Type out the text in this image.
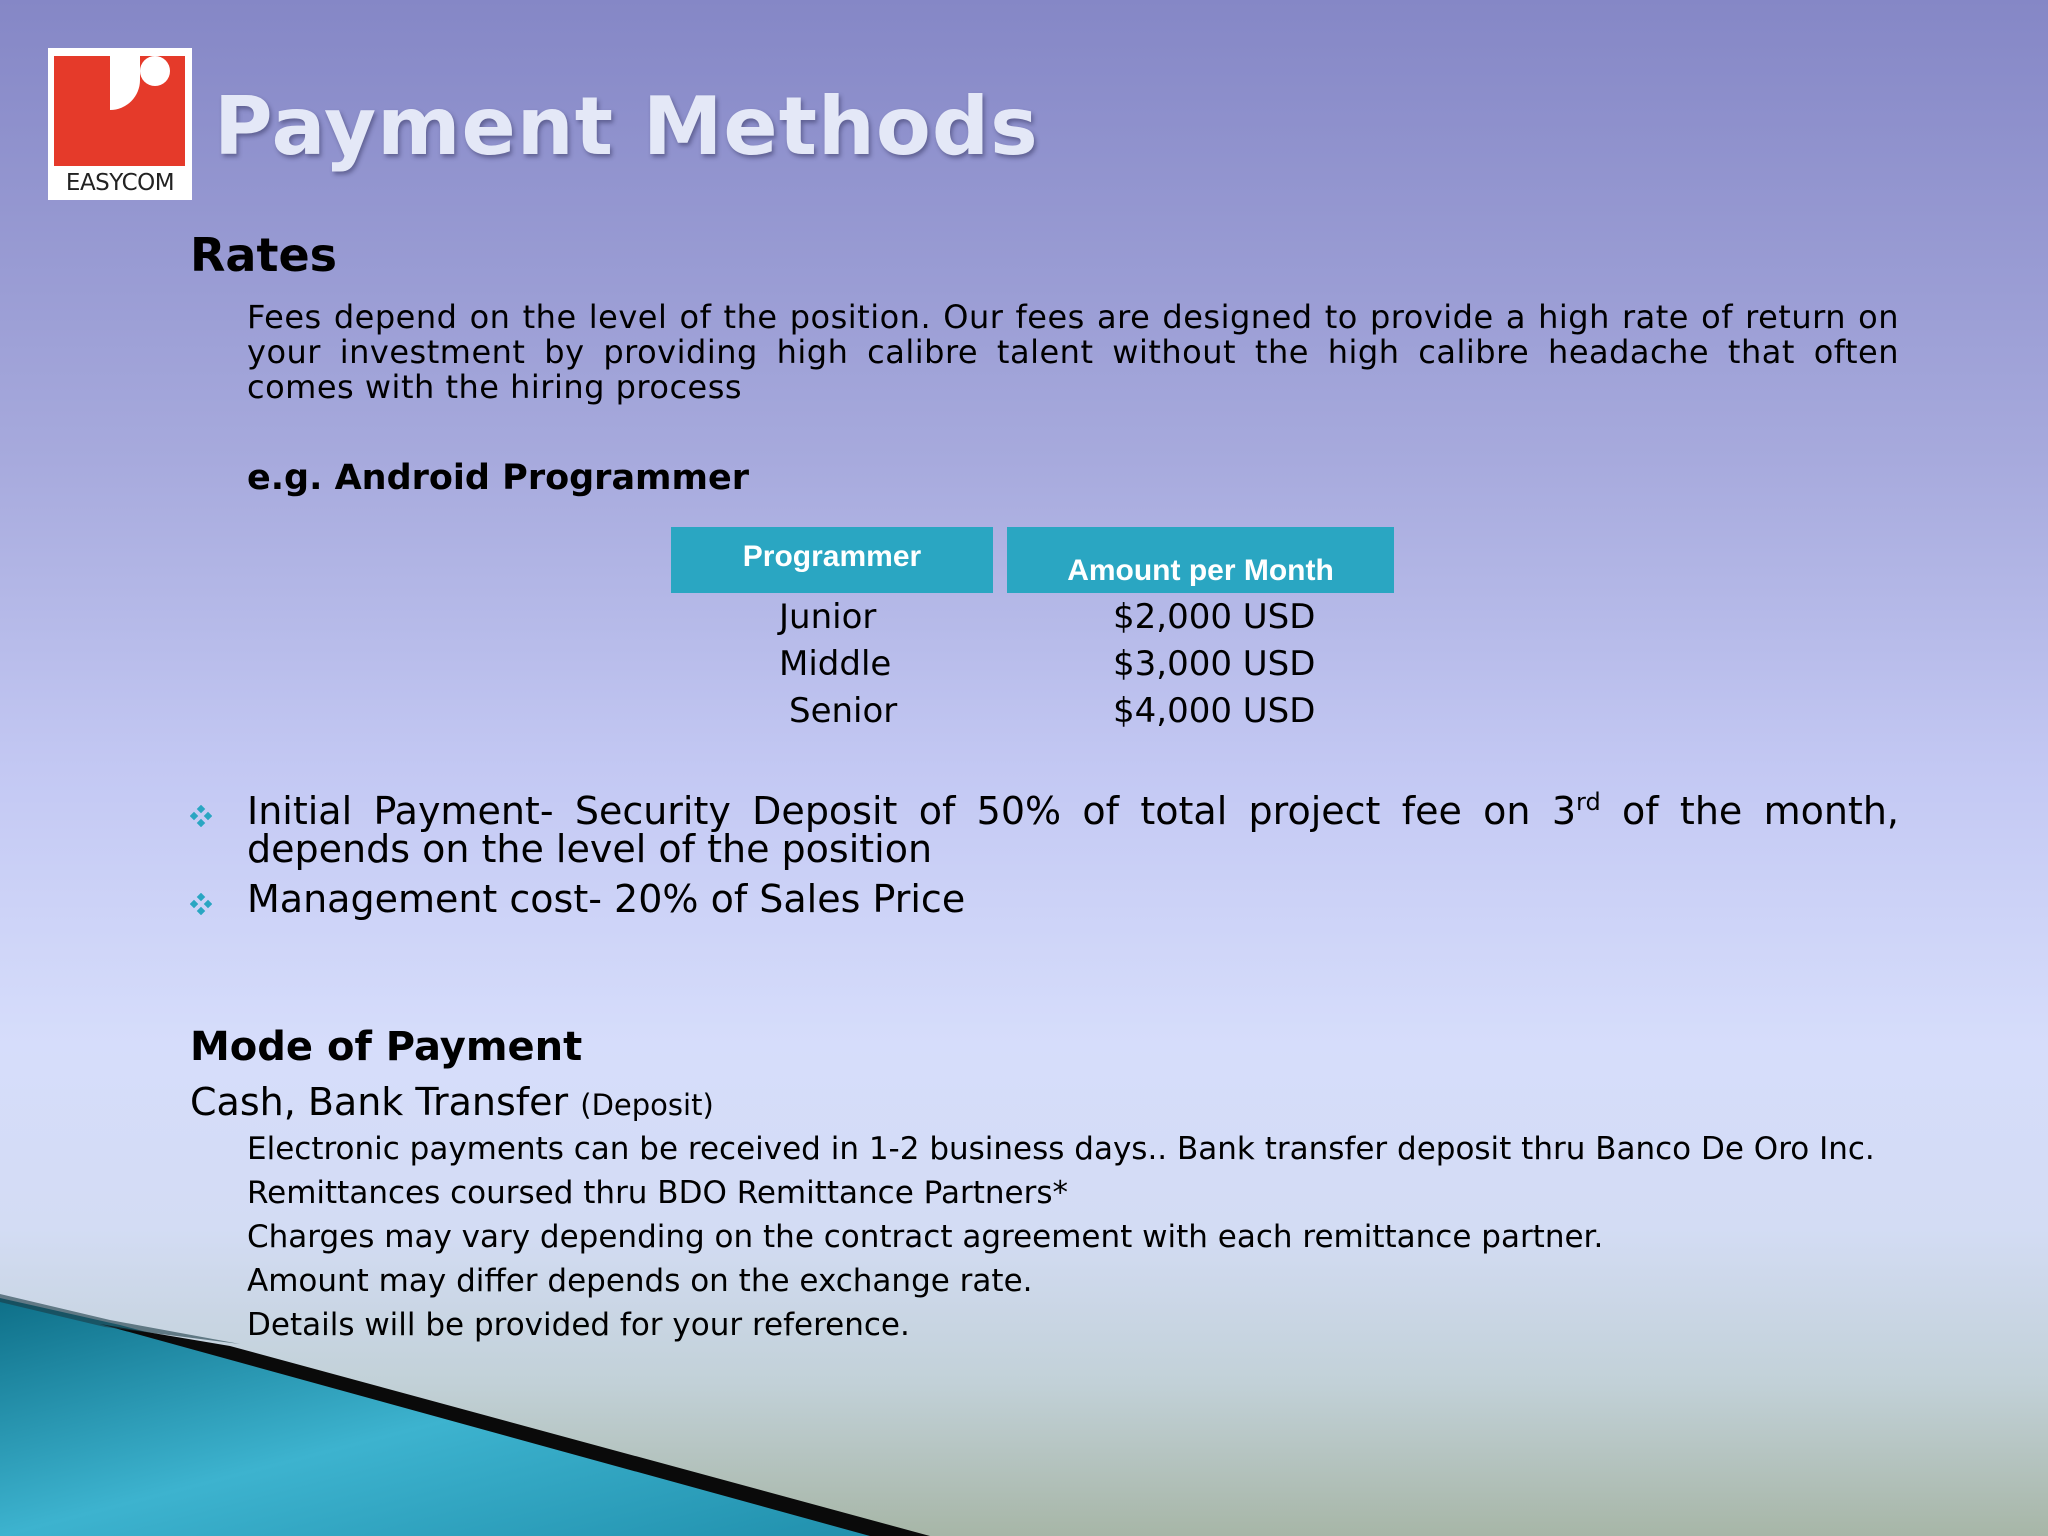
EASYCOM
Payment Methods
Rates

Fees depend on the level of the position. Our fees are designed to provide a high rate of return on your investment by providing high calibre talent without the high calibre headache that often comes with the hiring process

e.g. Android Programmer

Programmer	Amount per Month
Junior	$2,000 USD
Middle	$3,000 USD
Senior	$4,000 USD

Initial Payment- Security Deposit of 50% of total project fee on 3rd of the month, depends on the level of the position

Management cost- 20% of Sales Price

Mode of Payment

Cash, Bank Transfer (Deposit)

Electronic payments can be received in 1-2 business days.. Bank transfer deposit thru Banco De Oro Inc.

Remittances coursed thru BDO Remittance Partners*

Charges may vary depending on the contract agreement with each remittance partner.

Amount may differ depends on the exchange rate.

Details will be provided for your reference.
